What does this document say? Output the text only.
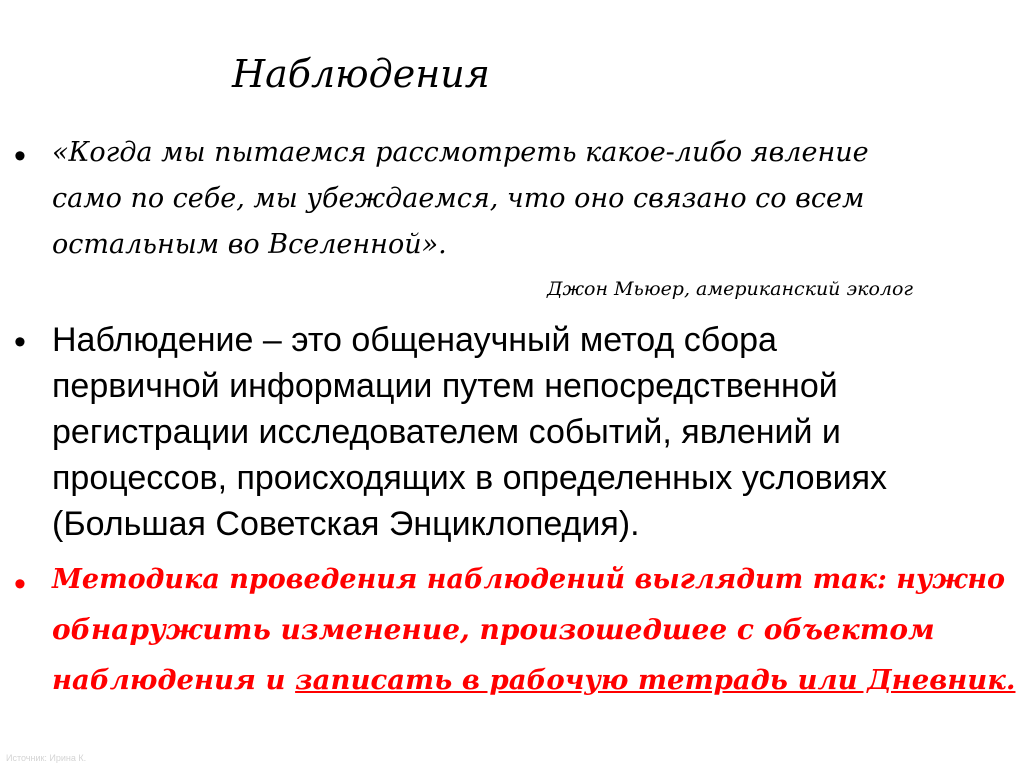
Наблюдения
• «Когда мы пытаемся рассмотреть какое-либо явление
само по себе, мы убеждаемся, что оно связано со всем
остальным во Вселенной».
Джон Мьюер, американский эколог
• Наблюдение – это общенаучный метод сбора
первичной информации путем непосредственной
регистрации исследователем событий, явлений и
процессов, происходящих в определенных условиях
(Большая Советская Энциклопедия).
• Методика проведения наблюдений выглядит так: нужно
обнаружить изменение, произошедшее с объектом
наблюдения и записать в рабочую тетрадь или Дневник.
Источник: Ирина К.
